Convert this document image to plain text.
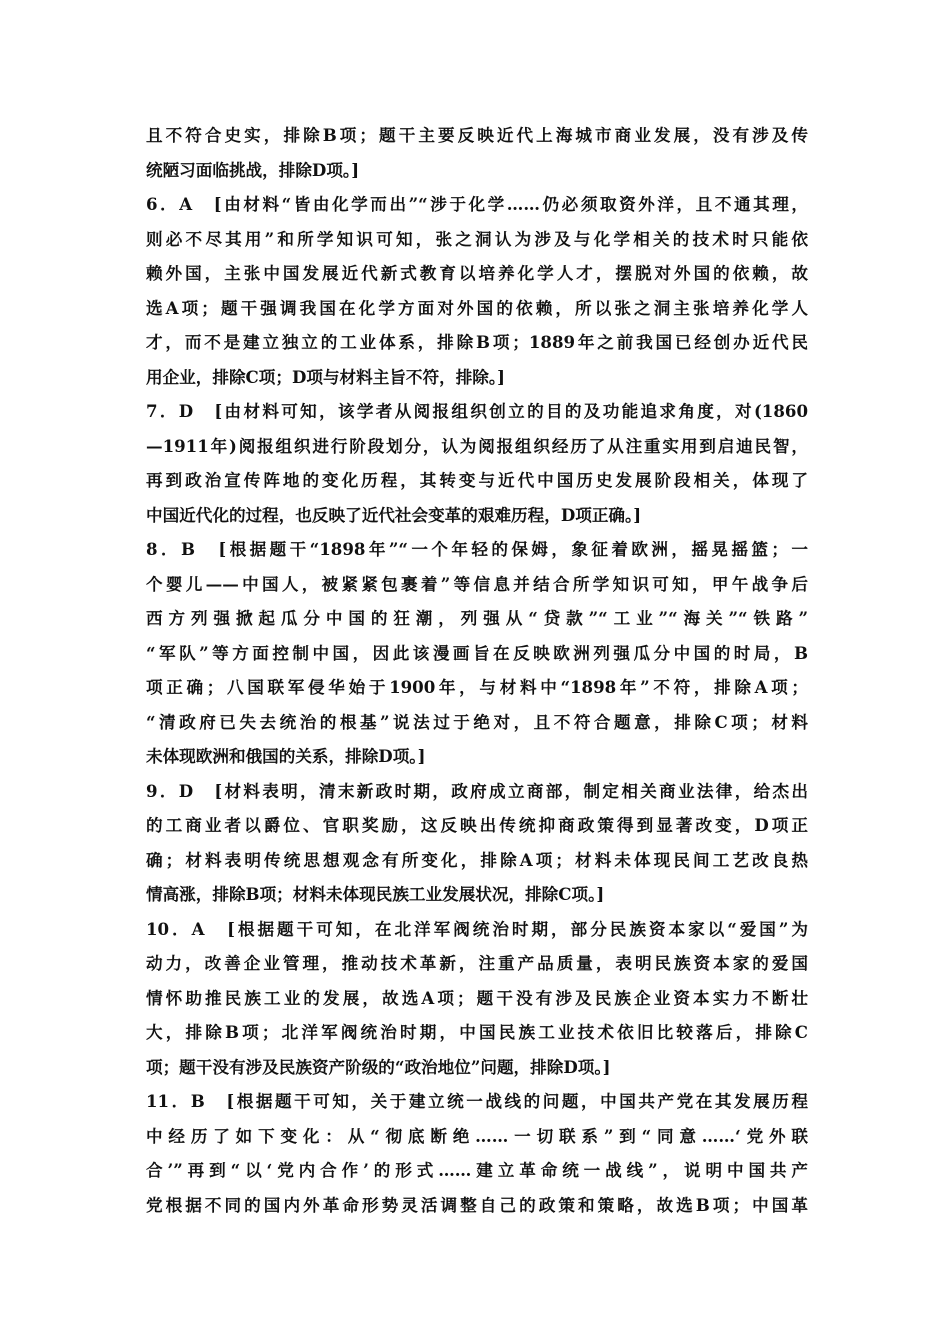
且不符合史实，排除B项；题干主要反映近代上海城市商业发展，没有涉及传
统陋习面临挑战，排除D项。]
6．A　[由材料“皆由化学而出”“涉于化学……仍必须取资外洋，且不通其理，
则必不尽其用”和所学知识可知，张之洞认为涉及与化学相关的技术时只能依
赖外国，主张中国发展近代新式教育以培养化学人才，摆脱对外国的依赖，故
选A项；题干强调我国在化学方面对外国的依赖，所以张之洞主张培养化学人
才，而不是建立独立的工业体系，排除B项；1889年之前我国已经创办近代民
用企业，排除C项；D项与材料主旨不符，排除。]
7．D　[由材料可知，该学者从阅报组织创立的目的及功能追求角度，对(1860
—1911年)阅报组织进行阶段划分，认为阅报组织经历了从注重实用到启迪民智，
再到政治宣传阵地的变化历程，其转变与近代中国历史发展阶段相关，体现了
中国近代化的过程，也反映了近代社会变革的艰难历程，D项正确。]
8．B　[根据题干“1898年”“一个年轻的保姆，象征着欧洲，摇晃摇篮；一
个婴儿——中国人，被紧紧包裹着”等信息并结合所学知识可知，甲午战争后
西方列强掀起瓜分中国的狂潮，列强从“贷款”“工业”“海关”“铁路”
“军队”等方面控制中国，因此该漫画旨在反映欧洲列强瓜分中国的时局，B
项正确；八国联军侵华始于1900年，与材料中“1898年”不符，排除A项；
“清政府已失去统治的根基”说法过于绝对，且不符合题意，排除C项；材料
未体现欧洲和俄国的关系，排除D项。]
9．D　[材料表明，清末新政时期，政府成立商部，制定相关商业法律，给杰出
的工商业者以爵位、官职奖励，这反映出传统抑商政策得到显著改变，D项正
确；材料表明传统思想观念有所变化，排除A项；材料未体现民间工艺改良热
情高涨，排除B项；材料未体现民族工业发展状况，排除C项。]
10．A　[根据题干可知，在北洋军阀统治时期，部分民族资本家以“爱国”为
动力，改善企业管理，推动技术革新，注重产品质量，表明民族资本家的爱国
情怀助推民族工业的发展，故选A项；题干没有涉及民族企业资本实力不断壮
大，排除B项；北洋军阀统治时期，中国民族工业技术依旧比较落后，排除C
项；题干没有涉及民族资产阶级的“政治地位”问题，排除D项。]
11．B　[根据题干可知，关于建立统一战线的问题，中国共产党在其发展历程
中经历了如下变化：从“彻底断绝……一切联系”到“同意……‘党外联
合’”再到“以‘党内合作’的形式……建立革命统一战线”，说明中国共产
党根据不同的国内外革命形势灵活调整自己的政策和策略，故选B项；中国革
